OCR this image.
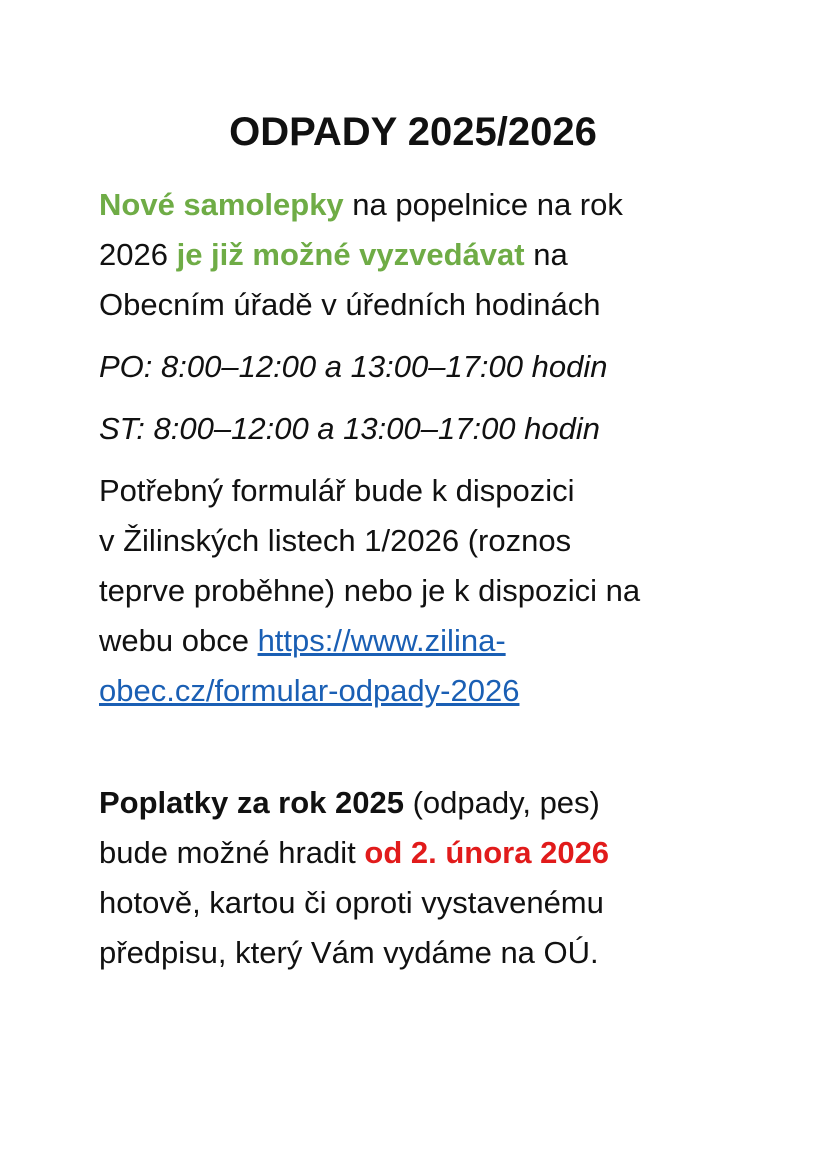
ODPADY 2025/2026
Nové samolepky na popelnice na rok
2026 je již možné vyzvedávat na
Obecním úřadě v úředních hodinách
PO: 8:00–12:00 a 13:00–17:00 hodin
ST: 8:00–12:00 a 13:00–17:00 hodin
Potřebný formulář bude k dispozici
v Žilinských listech 1/2026 (roznos
teprve proběhne) nebo je k dispozici na
webu obce https://www.zilina-
obec.cz/formular-odpady-2026
Poplatky za rok 2025 (odpady, pes)
bude možné hradit od 2. února 2026
hotově, kartou či oproti vystavenému
předpisu, který Vám vydáme na OÚ.
